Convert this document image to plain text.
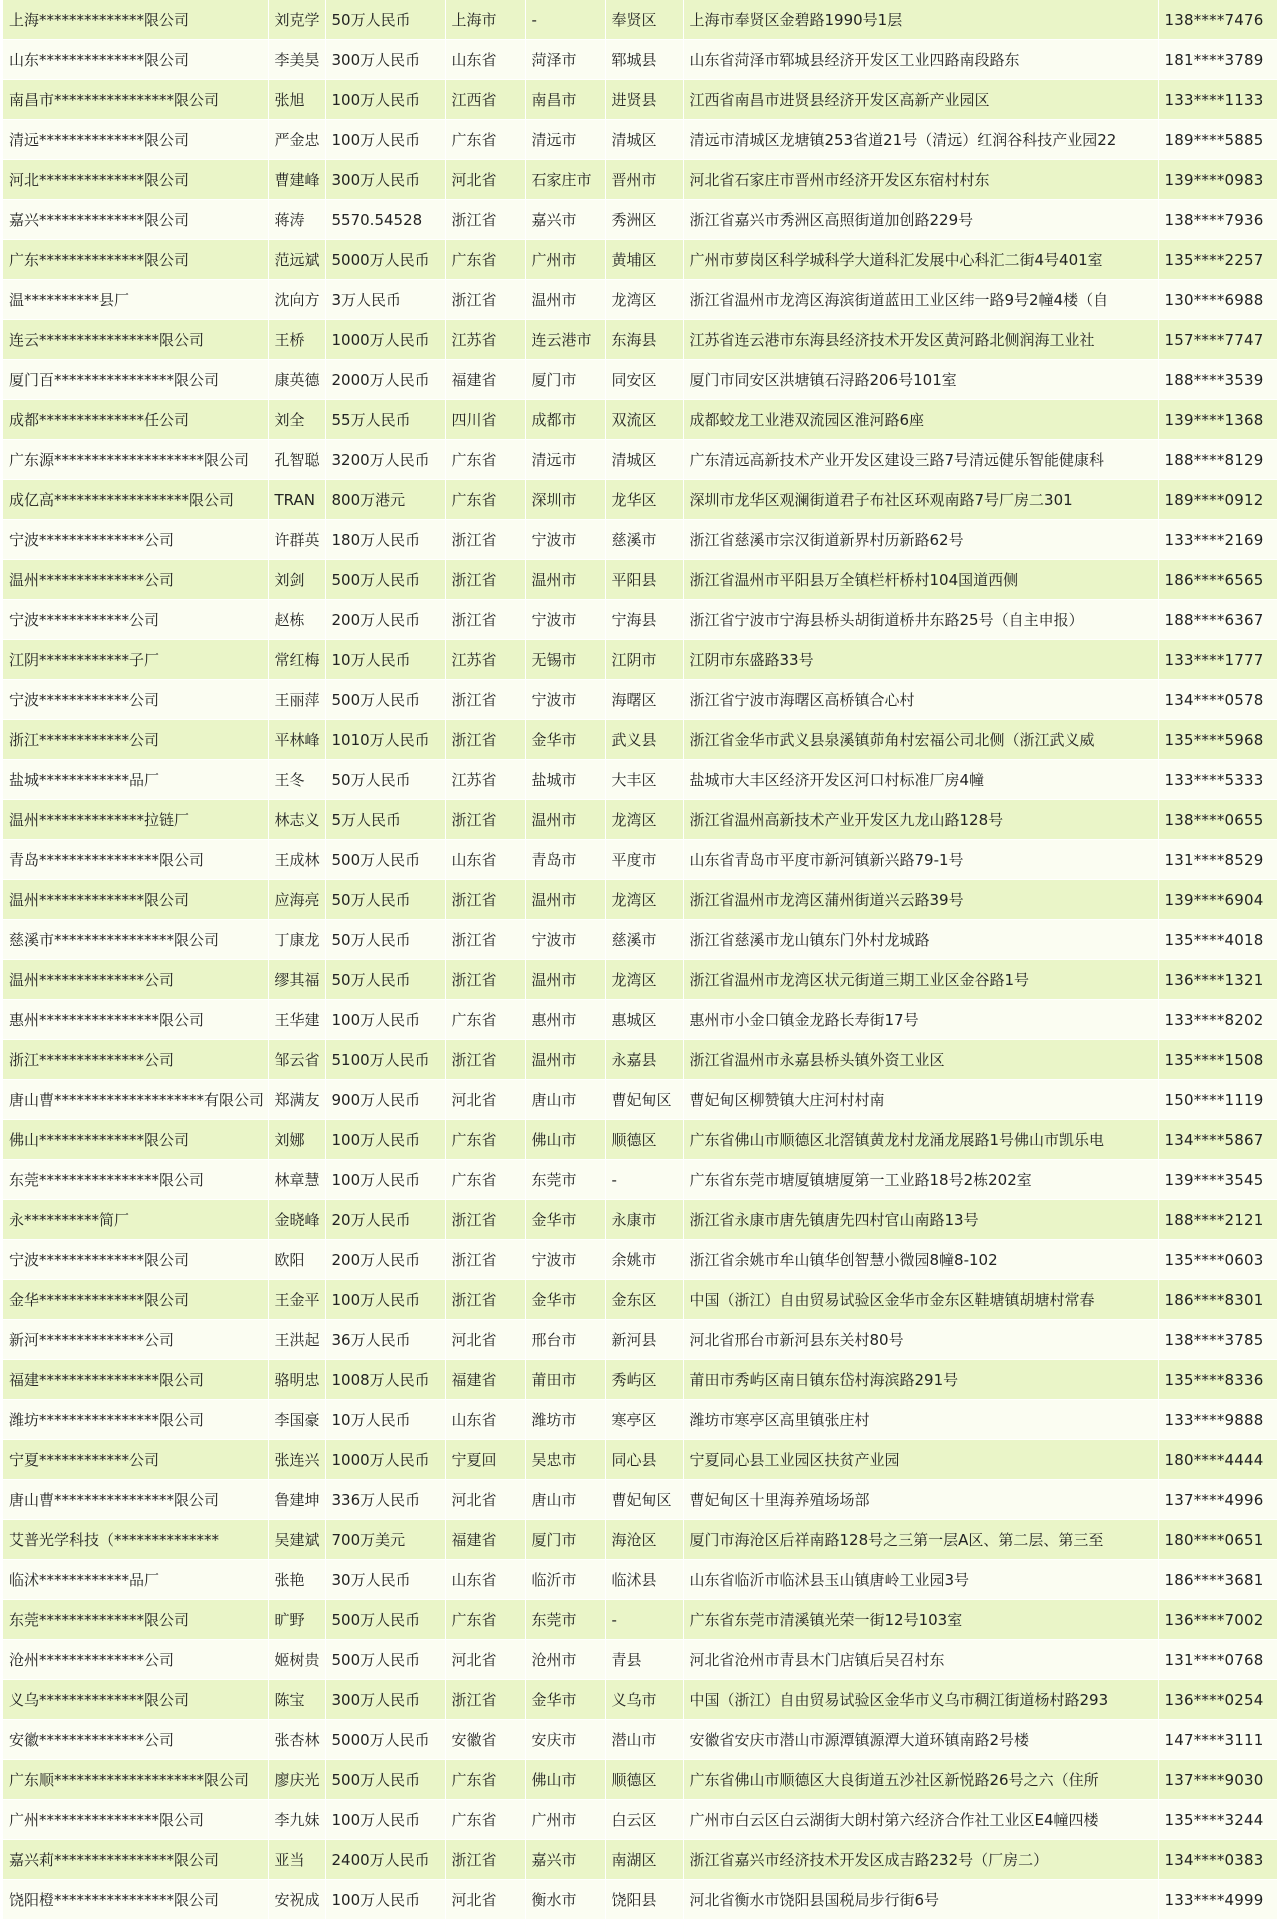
上海**************限公司	刘克学	50万人民币	上海市	-	奉贤区	上海市奉贤区金碧路1990号1层	138****7476
山东**************限公司	李美昊	300万人民币	山东省	菏泽市	郓城县	山东省菏泽市郓城县经济开发区工业四路南段路东	181****3789
南昌市****************限公司	张旭	100万人民币	江西省	南昌市	进贤县	江西省南昌市进贤县经济开发区高新产业园区	133****1133
清远**************限公司	严金忠	100万人民币	广东省	清远市	清城区	清远市清城区龙塘镇253省道21号（清远）红润谷科技产业园22	189****5885
河北**************限公司	曹建峰	300万人民币	河北省	石家庄市	晋州市	河北省石家庄市晋州市经济开发区东宿村村东	139****0983
嘉兴**************限公司	蒋涛	5570.54528	浙江省	嘉兴市	秀洲区	浙江省嘉兴市秀洲区高照街道加创路229号	138****7936
广东**************限公司	范远斌	5000万人民币	广东省	广州市	黄埔区	广州市萝岗区科学城科学大道科汇发展中心科汇二街4号401室	135****2257
温**********县厂	沈向方	3万人民币	浙江省	温州市	龙湾区	浙江省温州市龙湾区海滨街道蓝田工业区纬一路9号2幢4楼（自	130****6988
连云****************限公司	王桥	1000万人民币	江苏省	连云港市	东海县	江苏省连云港市东海县经济技术开发区黄河路北侧润海工业社	157****7747
厦门百****************限公司	康英德	2000万人民币	福建省	厦门市	同安区	厦门市同安区洪塘镇石浔路206号101室	188****3539
成都**************任公司	刘全	55万人民币	四川省	成都市	双流区	成都蛟龙工业港双流园区淮河路6座	139****1368
广东源********************限公司	孔智聪	3200万人民币	广东省	清远市	清城区	广东清远高新技术产业开发区建设三路7号清远健乐智能健康科	188****8129
成亿高******************限公司	TRAN	800万港元	广东省	深圳市	龙华区	深圳市龙华区观澜街道君子布社区环观南路7号厂房二301	189****0912
宁波**************公司	许群英	180万人民币	浙江省	宁波市	慈溪市	浙江省慈溪市宗汉街道新界村历新路62号	133****2169
温州**************公司	刘剑	500万人民币	浙江省	温州市	平阳县	浙江省温州市平阳县万全镇栏杆桥村104国道西侧	186****6565
宁波************公司	赵栋	200万人民币	浙江省	宁波市	宁海县	浙江省宁波市宁海县桥头胡街道桥井东路25号（自主申报）	188****6367
江阴************子厂	常红梅	10万人民币	江苏省	无锡市	江阴市	江阴市东盛路33号	133****1777
宁波************公司	王丽萍	500万人民币	浙江省	宁波市	海曙区	浙江省宁波市海曙区高桥镇合心村	134****0578
浙江************公司	平林峰	1010万人民币	浙江省	金华市	武义县	浙江省金华市武义县泉溪镇茆角村宏福公司北侧（浙江武义威	135****5968
盐城************品厂	王冬	50万人民币	江苏省	盐城市	大丰区	盐城市大丰区经济开发区河口村标准厂房4幢	133****5333
温州**************拉链厂	林志义	5万人民币	浙江省	温州市	龙湾区	浙江省温州高新技术产业开发区九龙山路128号	138****0655
青岛****************限公司	王成林	500万人民币	山东省	青岛市	平度市	山东省青岛市平度市新河镇新兴路79-1号	131****8529
温州**************限公司	应海亮	50万人民币	浙江省	温州市	龙湾区	浙江省温州市龙湾区蒲州街道兴云路39号	139****6904
慈溪市****************限公司	丁康龙	50万人民币	浙江省	宁波市	慈溪市	浙江省慈溪市龙山镇东门外村龙城路	135****4018
温州**************公司	缪其福	50万人民币	浙江省	温州市	龙湾区	浙江省温州市龙湾区状元街道三期工业区金谷路1号	136****1321
惠州****************限公司	王华建	100万人民币	广东省	惠州市	惠城区	惠州市小金口镇金龙路长寿街17号	133****8202
浙江**************公司	邹云省	5100万人民币	浙江省	温州市	永嘉县	浙江省温州市永嘉县桥头镇外资工业区	135****1508
唐山曹********************有限公司	郑满友	900万人民币	河北省	唐山市	曹妃甸区	曹妃甸区柳赞镇大庄河村村南	150****1119
佛山**************限公司	刘娜	100万人民币	广东省	佛山市	顺德区	广东省佛山市顺德区北滘镇黄龙村龙涌龙展路1号佛山市凯乐电	134****5867
东莞****************限公司	林章慧	100万人民币	广东省	东莞市	-	广东省东莞市塘厦镇塘厦第一工业路18号2栋202室	139****3545
永**********简厂	金晓峰	20万人民币	浙江省	金华市	永康市	浙江省永康市唐先镇唐先四村官山南路13号	188****2121
宁波**************限公司	欧阳	200万人民币	浙江省	宁波市	余姚市	浙江省余姚市牟山镇华创智慧小微园8幢8-102	135****0603
金华**************限公司	王金平	100万人民币	浙江省	金华市	金东区	中国（浙江）自由贸易试验区金华市金东区鞋塘镇胡塘村常春	186****8301
新河**************公司	王洪起	36万人民币	河北省	邢台市	新河县	河北省邢台市新河县东关村80号	138****3785
福建****************限公司	骆明忠	1008万人民币	福建省	莆田市	秀屿区	莆田市秀屿区南日镇东岱村海滨路291号	135****8336
潍坊****************限公司	李国豪	10万人民币	山东省	潍坊市	寒亭区	潍坊市寒亭区高里镇张庄村	133****9888
宁夏************公司	张连兴	1000万人民币	宁夏回	吴忠市	同心县	宁夏同心县工业园区扶贫产业园	180****4444
唐山曹****************限公司	鲁建坤	336万人民币	河北省	唐山市	曹妃甸区	曹妃甸区十里海养殖场场部	137****4996
艾普光学科技（**************	吴建斌	700万美元	福建省	厦门市	海沧区	厦门市海沧区后祥南路128号之三第一层A区、第二层、第三至	180****0651
临沭************品厂	张艳	30万人民币	山东省	临沂市	临沭县	山东省临沂市临沭县玉山镇唐岭工业园3号	186****3681
东莞**************限公司	旷野	500万人民币	广东省	东莞市	-	广东省东莞市清溪镇光荣一街12号103室	136****7002
沧州**************公司	姬树贵	500万人民币	河北省	沧州市	青县	河北省沧州市青县木门店镇后吴召村东	131****0768
义乌**************限公司	陈宝	300万人民币	浙江省	金华市	义乌市	中国（浙江）自由贸易试验区金华市义乌市稠江街道杨村路293	136****0254
安徽**************公司	张杏林	5000万人民币	安徽省	安庆市	潜山市	安徽省安庆市潜山市源潭镇源潭大道环镇南路2号楼	147****3111
广东顺********************限公司	廖庆光	500万人民币	广东省	佛山市	顺德区	广东省佛山市顺德区大良街道五沙社区新悦路26号之六（住所	137****9030
广州****************限公司	李九妹	100万人民币	广东省	广州市	白云区	广州市白云区白云湖街大朗村第六经济合作社工业区E4幢四楼	135****3244
嘉兴莉****************限公司	亚当	2400万人民币	浙江省	嘉兴市	南湖区	浙江省嘉兴市经济技术开发区成吉路232号（厂房二）	134****0383
饶阳橙****************限公司	安祝成	100万人民币	河北省	衡水市	饶阳县	河北省衡水市饶阳县国税局步行街6号	133****4999
